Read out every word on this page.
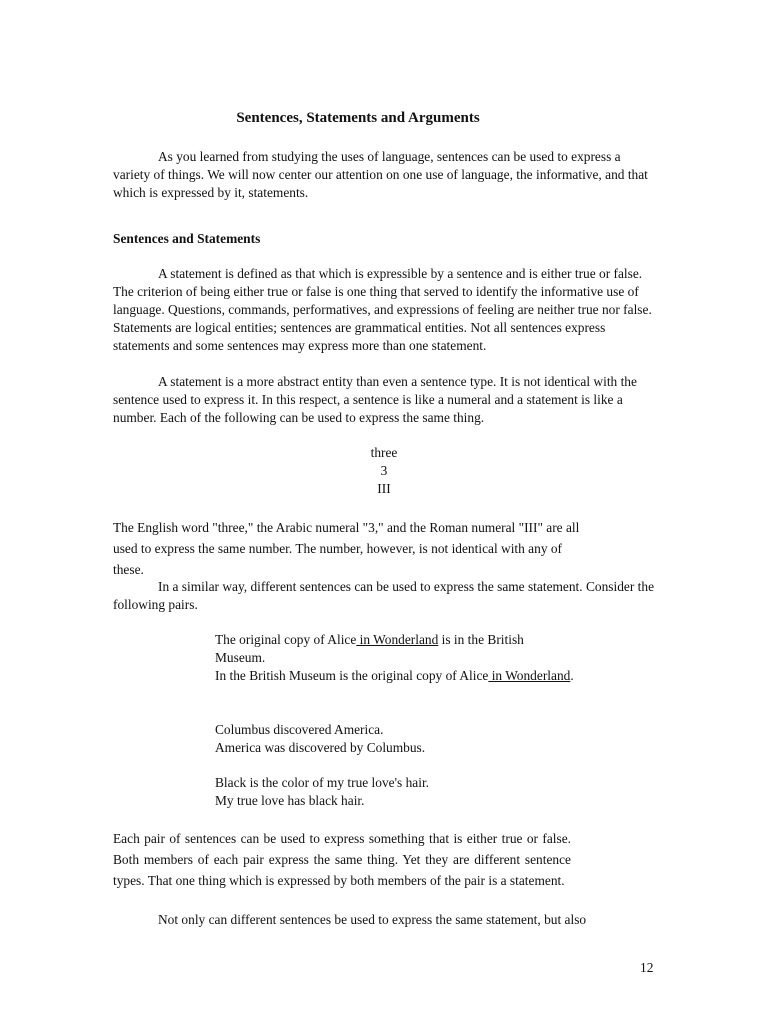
Sentences, Statements and Arguments

As you learned from studying the uses of language, sentences can be used to express a variety of things. We will now center our attention on one use of language, the informative, and that which is expressed by it, statements.

Sentences and Statements

A statement is defined as that which is expressible by a sentence and is either true or false. The criterion of being either true or false is one thing that served to identify the informative use of language. Questions, commands, performatives, and expressions of feeling are neither true nor false. Statements are logical entities; sentences are grammatical entities. Not all sentences express statements and some sentences may express more than one statement.

A statement is a more abstract entity than even a sentence type. It is not identical with the sentence used to express it. In this respect, a sentence is like a numeral and a statement is like a number. Each of the following can be used to express the same thing.

three
3
III

The English word "three," the Arabic numeral "3," and the Roman numeral "III" are all used to express the same number. The number, however, is not identical with any of these.

In a similar way, different sentences can be used to express the same statement. Consider the following pairs.

The original copy of Alice in Wonderland is in the British Museum.
In the British Museum is the original copy of Alice in Wonderland.
Columbus discovered America.
America was discovered by Columbus.
Black is the color of my true love's hair.
My true love has black hair.

Each pair of sentences can be used to express something that is either true or false. Both members of each pair express the same thing. Yet they are different sentence types. That one thing which is expressed by both members of the pair is a statement.

Not only can different sentences be used to express the same statement, but also

12
